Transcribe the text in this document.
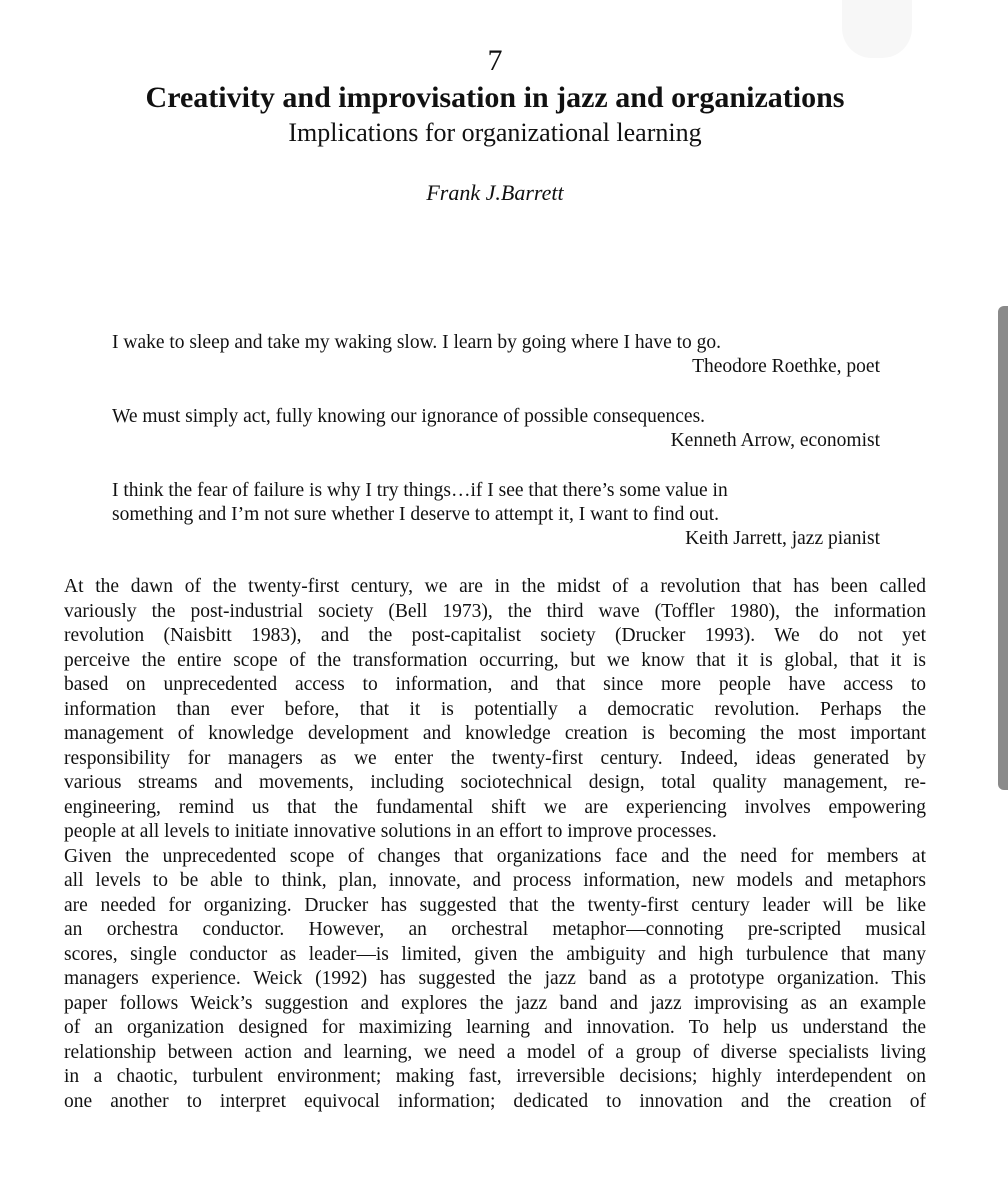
7
Creativity and improvisation in jazz and organizations
Implications for organizational learning
Frank J.Barrett
I wake to sleep and take my waking slow. I learn by going where I have to go.
Theodore Roethke, poet
We must simply act, fully knowing our ignorance of possible consequences.
Kenneth Arrow, economist
I think the fear of failure is why I try things…if I see that there’s some value in
something and I’m not sure whether I deserve to attempt it, I want to find out.
Keith Jarrett, jazz pianist
At the dawn of the twenty-first century, we are in the midst of a revolution that has been called
variously the post-industrial society (Bell 1973), the third wave (Toffler 1980), the information
revolution (Naisbitt 1983), and the post-capitalist society (Drucker 1993). We do not yet
perceive the entire scope of the transformation occurring, but we know that it is global, that it is
based on unprecedented access to information, and that since more people have access to
information than ever before, that it is potentially a democratic revolution. Perhaps the
management of knowledge development and knowledge creation is becoming the most important
responsibility for managers as we enter the twenty-first century. Indeed, ideas generated by
various streams and movements, including sociotechnical design, total quality management, re-
engineering, remind us that the fundamental shift we are experiencing involves empowering
people at all levels to initiate innovative solutions in an effort to improve processes.
Given the unprecedented scope of changes that organizations face and the need for members at
all levels to be able to think, plan, innovate, and process information, new models and metaphors
are needed for organizing. Drucker has suggested that the twenty-first century leader will be like
an orchestra conductor. However, an orchestral metaphor—connoting pre-scripted musical
scores, single conductor as leader—is limited, given the ambiguity and high turbulence that many
managers experience. Weick (1992) has suggested the jazz band as a prototype organization. This
paper follows Weick’s suggestion and explores the jazz band and jazz improvising as an example
of an organization designed for maximizing learning and innovation. To help us understand the
relationship between action and learning, we need a model of a group of diverse specialists living
in a chaotic, turbulent environment; making fast, irreversible decisions; highly interdependent on
one another to interpret equivocal information; dedicated to innovation and the creation of
